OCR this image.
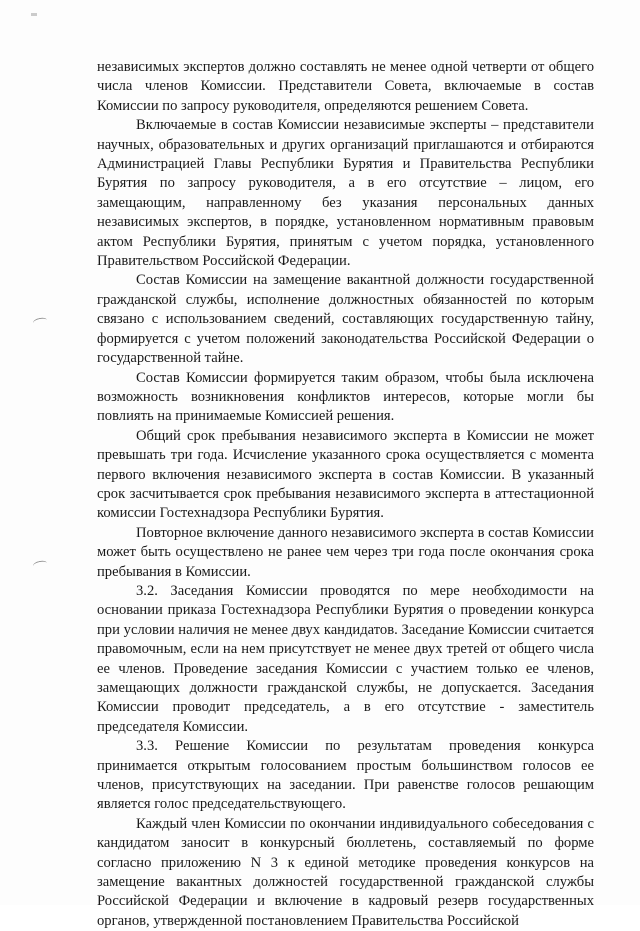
независимых экспертов должно составлять не менее одной четверти от общего числа членов Комиссии. Представители Совета, включаемые в состав Комиссии по запросу руководителя, определяются решением Совета.

Включаемые в состав Комиссии независимые эксперты – представители научных, образовательных и других организаций приглашаются и отбираются Администрацией Главы Республики Бурятия и Правительства Республики Бурятия по запросу руководителя, а в его отсутствие – лицом, его замещающим, направленному без указания персональных данных независимых экспертов, в порядке, установленном нормативным правовым актом Республики Бурятия, принятым с учетом порядка, установленного Правительством Российской Федерации.

Состав Комиссии на замещение вакантной должности государственной гражданской службы, исполнение должностных обязанностей по которым связано с использованием сведений, составляющих государственную тайну, формируется с учетом положений законодательства Российской Федерации о государственной тайне.

Состав Комиссии формируется таким образом, чтобы была исключена возможность возникновения конфликтов интересов, которые могли бы повлиять на принимаемые Комиссией решения.

Общий срок пребывания независимого эксперта в Комиссии не может превышать три года. Исчисление указанного срока осуществляется с момента первого включения независимого эксперта в состав Комиссии. В указанный срок засчитывается срок пребывания независимого эксперта в аттестационной комиссии Гостехнадзора Республики Бурятия.

Повторное включение данного независимого эксперта в состав Комиссии может быть осуществлено не ранее чем через три года после окончания срока пребывания в Комиссии.

3.2. Заседания Комиссии проводятся по мере необходимости на основании приказа Гостехнадзора Республики Бурятия о проведении конкурса при условии наличия не менее двух кандидатов. Заседание Комиссии считается правомочным, если на нем присутствует не менее двух третей от общего числа ее членов. Проведение заседания Комиссии с участием только ее членов, замещающих должности гражданской службы, не допускается. Заседания Комиссии проводит председатель, а в его отсутствие - заместитель председателя Комиссии.

3.3. Решение Комиссии по результатам проведения конкурса принимается открытым голосованием простым большинством голосов ее членов, присутствующих на заседании. При равенстве голосов решающим является голос председательствующего.

Каждый член Комиссии по окончании индивидуального собеседования с кандидатом заносит в конкурсный бюллетень, составляемый по форме согласно приложению N 3 к единой методике проведения конкурсов на замещение вакантных должностей государственной гражданской службы Российской Федерации и включение в кадровый резерв государственных органов, утвержденной постановлением Правительства Российской
